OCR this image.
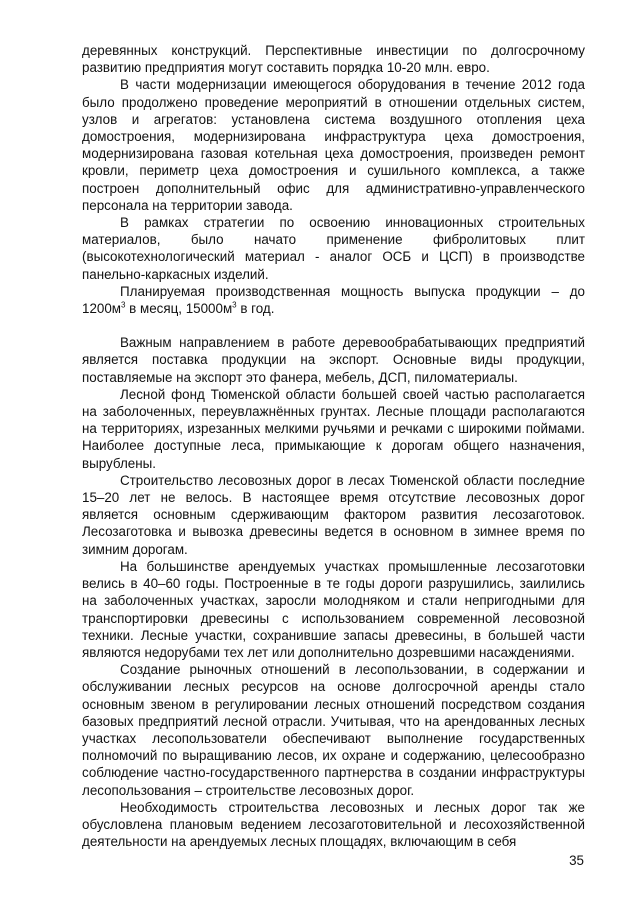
деревянных конструкций. Перспективные инвестиции по долгосрочному развитию предприятия могут составить порядка 10-20 млн. евро.

В части модернизации имеющегося оборудования в течение 2012 года было продолжено проведение мероприятий в отношении отдельных систем, узлов и агрегатов: установлена система воздушного отопления цеха домостроения, модернизирована инфраструктура цеха домостроения, модернизирована газовая котельная цеха домостроения, произведен ремонт кровли, периметр цеха домостроения и сушильного комплекса, а также построен дополнительный офис для административно-управленческого персонала на территории завода.

В рамках стратегии по освоению инновационных строительных материалов, было начато применение фибролитовых плит (высокотехнологический материал - аналог ОСБ и ЦСП) в производстве панельно-каркасных изделий.

Планируемая производственная мощность выпуска продукции – до $1200м^3$ в месяц, $15000м^3$ в год.

Важным направлением в работе деревообрабатывающих предприятий является поставка продукции на экспорт. Основные виды продукции, поставляемые на экспорт это фанера, мебель, ДСП, пиломатериалы.

Лесной фонд Тюменской области большей своей частью располагается на заболоченных, переувлажнённых грунтах. Лесные площади располагаются на территориях, изрезанных мелкими ручьями и речками с широкими поймами. Наиболее доступные леса, примыкающие к дорогам общего назначения, вырублены.

Строительство лесовозных дорог в лесах Тюменской области последние 15–20 лет не велось. В настоящее время отсутствие лесовозных дорог является основным сдерживающим фактором развития лесозаготовок. Лесозаготовка и вывозка древесины ведется в основном в зимнее время по зимним дорогам.

На большинстве арендуемых участках промышленные лесозаготовки велись в 40–60 годы. Построенные в те годы дороги разрушились, заилились на заболоченных участках, заросли молодняком и стали непригодными для транспортировки древесины с использованием современной лесовозной техники. Лесные участки, сохранившие запасы древесины, в большей части являются недорубами тех лет или дополнительно дозревшими насаждениями.

Создание рыночных отношений в лесопользовании, в содержании и обслуживании лесных ресурсов на основе долгосрочной аренды стало основным звеном в регулировании лесных отношений посредством создания базовых предприятий лесной отрасли. Учитывая, что на арендованных лесных участках лесопользователи обеспечивают выполнение государственных полномочий по выращиванию лесов, их охране и содержанию, целесообразно соблюдение частно-государственного партнерства в создании инфраструктуры лесопользования – строительстве лесовозных дорог.

Необходимость строительства лесовозных и лесных дорог так же обусловлена плановым ведением лесозаготовительной и лесохозяйственной деятельности на арендуемых лесных площадях, включающим в себя

35
